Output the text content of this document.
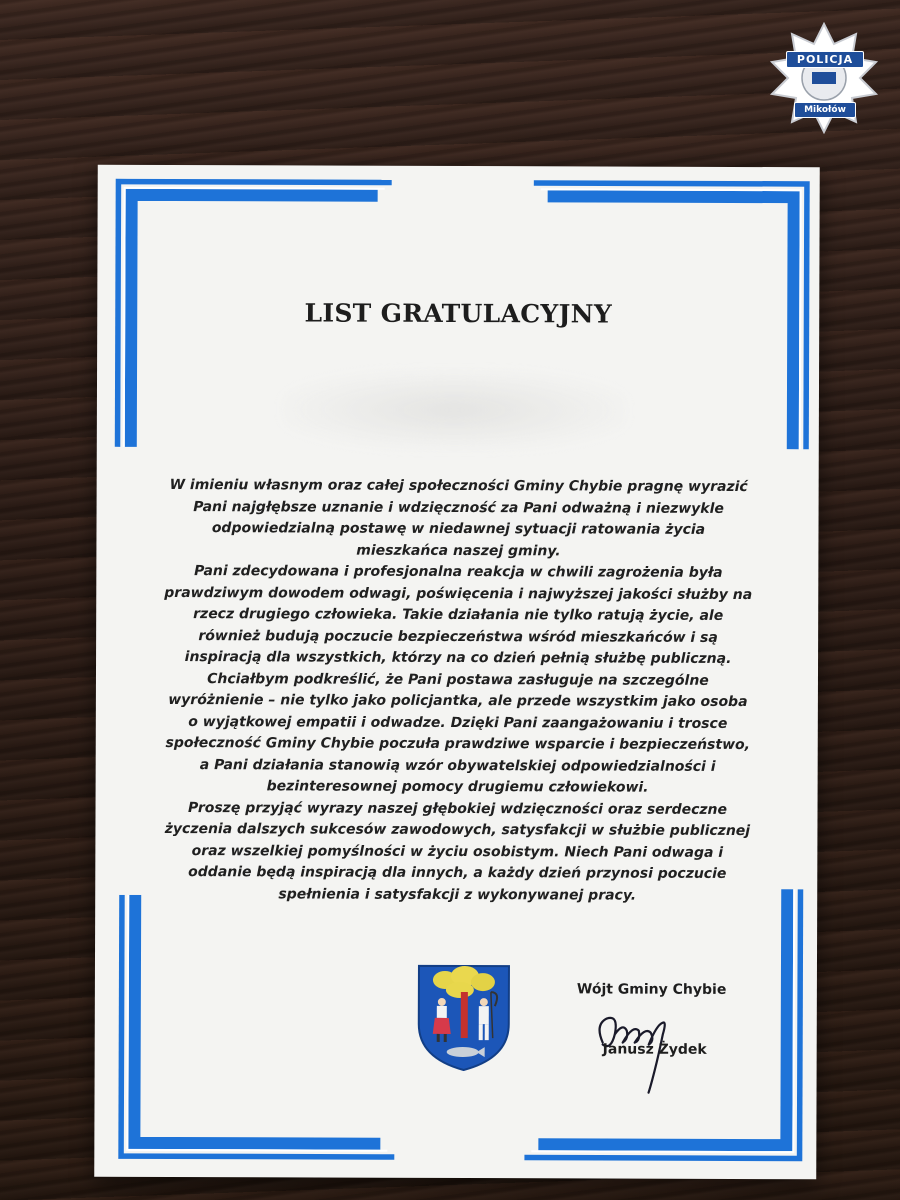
POLICJA
Mikołów
LIST GRATULACYJNY

W imieniu własnym oraz całej społeczności Gminy Chybie pragnę wyrazić Pani najgłębsze uznanie i wdzięczność za Pani odważną i niezwykle odpowiedzialną postawę w niedawnej sytuacji ratowania życia mieszkańca naszej gminy.

Pani zdecydowana i profesjonalna reakcja w chwili zagrożenia była prawdziwym dowodem odwagi, poświęcenia i najwyższej jakości służby na rzecz drugiego człowieka. Takie działania nie tylko ratują życie, ale również budują poczucie bezpieczeństwa wśród mieszkańców i są inspiracją dla wszystkich, którzy na co dzień pełnią służbę publiczną.

Chciałbym podkreślić, że Pani postawa zasługuje na szczególne wyróżnienie – nie tylko jako policjantka, ale przede wszystkim jako osoba o wyjątkowej empatii i odwadze. Dzięki Pani zaangażowaniu i trosce społeczność Gminy Chybie poczuła prawdziwe wsparcie i bezpieczeństwo, a Pani działania stanowią wzór obywatelskiej odpowiedzialności i bezinteresownej pomocy drugiemu człowiekowi.

Proszę przyjąć wyrazy naszej głębokiej wdzięczności oraz serdeczne życzenia dalszych sukcesów zawodowych, satysfakcji w służbie publicznej oraz wszelkiej pomyślności w życiu osobistym. Niech Pani odwaga i oddanie będą inspiracją dla innych, a każdy dzień przynosi poczucie spełnienia i satysfakcji z wykonywanej pracy.

Wójt Gminy Chybie
Janusz Żydek
